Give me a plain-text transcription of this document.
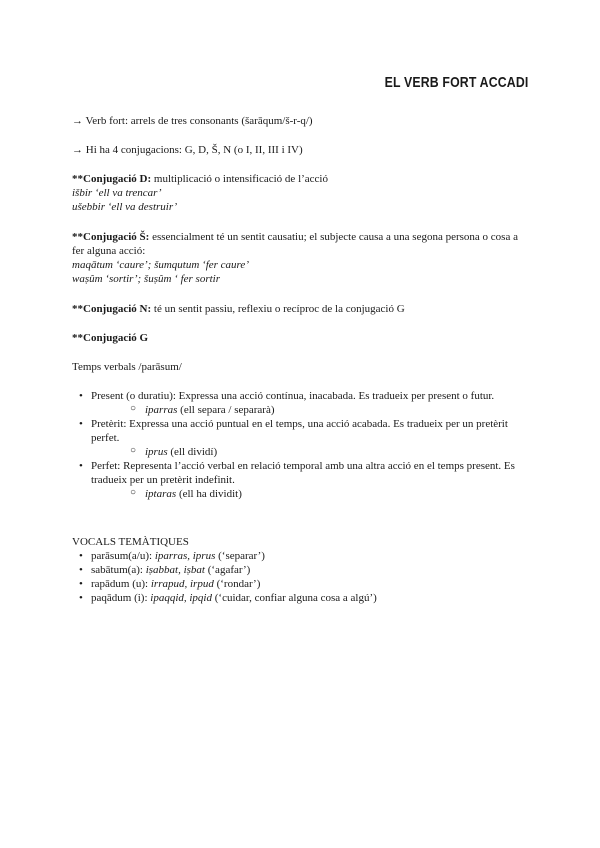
EL VERB FORT ACCADI
→ Verb fort: arrels de tres consonants (šarāqum/š-r-q/)
→ Hi ha 4 conjugacions: G, D, Š, N (o I, II, III i IV)
**Conjugació D: multiplicació o intensificació de l’acció
išbir ‘ell va trencar’
ušebbir ‘ell va destruir’
**Conjugació Š: essencialment té un sentit causatiu; el subjecte causa a una segona persona o cosa a fer alguna acció:
maqātum ‘caure’; šumqutum ‘fer caure’
waṣûm ‘sortir’; šuṣûm ‘ fer sortir
**Conjugació N: té un sentit passiu, reflexiu o recíproc de la conjugació G
**Conjugació G
Temps verbals /parāsum/
• Present (o duratiu): Expressa una acció contínua, inacabada. Es tradueix per present o futur.
○ iparras (ell separa / separarà)
• Pretèrit: Expressa una acció puntual en el temps, una acció acabada. Es tradueix per un pretèrit perfet.
○ iprus (ell dividí)
• Perfet: Representa l’acció verbal en relació temporal amb una altra acció en el temps present. Es tradueix per un pretèrit indefinit.
○ iptaras (ell ha dividit)
VOCALS TEMÀTIQUES
• parāsum(a/u): iparras, iprus (‘separar’)
• sabātum(a): iṣabbat, iṣbat (‘agafar’)
• rapādum (u): irrapud, irpud (‘rondar’)
• paqādum (i): ipaqqid, ipqid (‘cuidar, confiar alguna cosa a algú’)
